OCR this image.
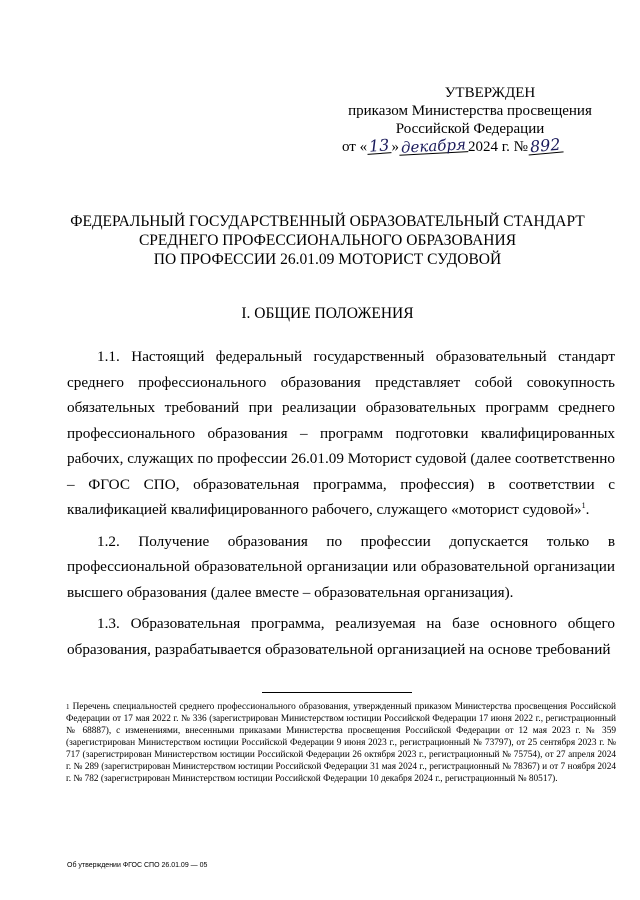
УТВЕРЖДЕН
приказом Министерства просвещения
Российской Федерации
от «13» декабря 2024 г. №892
ФЕДЕРАЛЬНЫЙ ГОСУДАРСТВЕННЫЙ ОБРАЗОВАТЕЛЬНЫЙ СТАНДАРТ
СРЕДНЕГО ПРОФЕССИОНАЛЬНОГО ОБРАЗОВАНИЯ
ПО ПРОФЕССИИ 26.01.09 МОТОРИСТ СУДОВОЙ
I. ОБЩИЕ ПОЛОЖЕНИЯ

1.1. Настоящий федеральный государственный образовательный стандарт среднего профессионального образования представляет собой совокупность обязательных требований при реализации образовательных программ среднего профессионального образования – программ подготовки квалифицированных рабочих, служащих по профессии 26.01.09 Моторист судовой (далее соответственно – ФГОС СПО, образовательная программа, профессия) в соответствии с квалификацией квалифицированного рабочего, служащего «моторист судовой»$^1$.

1.2. Получение образования по профессии допускается только в профессиональной образовательной организации или образовательной организации высшего образования (далее вместе – образовательная организация).

1.3. Образовательная программа, реализуемая на базе основного общего образования, разрабатывается образовательной организацией на основе требований

$^1$ Перечень специальностей среднего профессионального образования, утвержденный приказом Министерства просвещения Российской Федерации от 17 мая 2022 г. № 336 (зарегистрирован Министерством юстиции Российской Федерации 17 июня 2022 г., регистрационный № 68887), с изменениями, внесенными приказами Министерства просвещения Российской Федерации от 12 мая 2023 г. № 359 (зарегистрирован Министерством юстиции Российской Федерации 9 июня 2023 г., регистрационный № 73797), от 25 сентября 2023 г. № 717 (зарегистрирован Министерством юстиции Российской Федерации 26 октября 2023 г., регистрационный № 75754), от 27 апреля 2024 г. № 289 (зарегистрирован Министерством юстиции Российской Федерации 31 мая 2024 г., регистрационный № 78367) и от 7 ноября 2024 г. № 782 (зарегистрирован Министерством юстиции Российской Федерации 10 декабря 2024 г., регистрационный № 80517).
Об утверждении ФГОС СПО 26.01.09 — 05
